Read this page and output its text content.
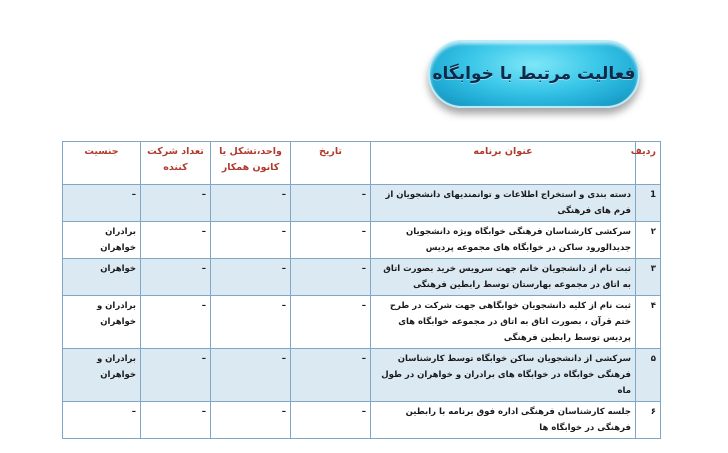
فعالیت مرتبط با خوابگاه
ردیف	عنوان برنامه	تاریخ	واحد،تشکل یا کانون همکار	تعداد شرکت کننده	جنسیت
1	دسته بندی و استخراج اطلاعات و توانمندیهای دانشجویان از فرم های فرهنگی	–	–	–	–
۲	سرکشی کارشناسان فرهنگی خوابگاه ویژه دانشجویان جدیدالورود ساکن در خوابگاه های مجموعه پردیس	–	–	–	برادران خواهران
۳	ثبت نام از دانشجویان خانم جهت سرویس خرید بصورت اتاق به اتاق در مجموعه بهارستان توسط رابطین فرهنگی	–	–	–	خواهران
۴	ثبت نام از کلیه دانشجویان خوابگاهی جهت شرکت در طرح ختم قرآن ، بصورت اتاق به اتاق در مجموعه خوابگاه های پردیس توسط رابطین فرهنگی	–	–	–	برادران و خواهران
۵	سرکشی از دانشجویان ساکن خوابگاه توسط کارشناسان فرهنگی خوابگاه در خوابگاه های برادران و خواهران در طول ماه	–	–	–	برادران و خواهران
۶	جلسه کارشناسان فرهنگی اداره فوق برنامه با رابطین فرهنگی در خوابگاه ها	–	–	–	–
